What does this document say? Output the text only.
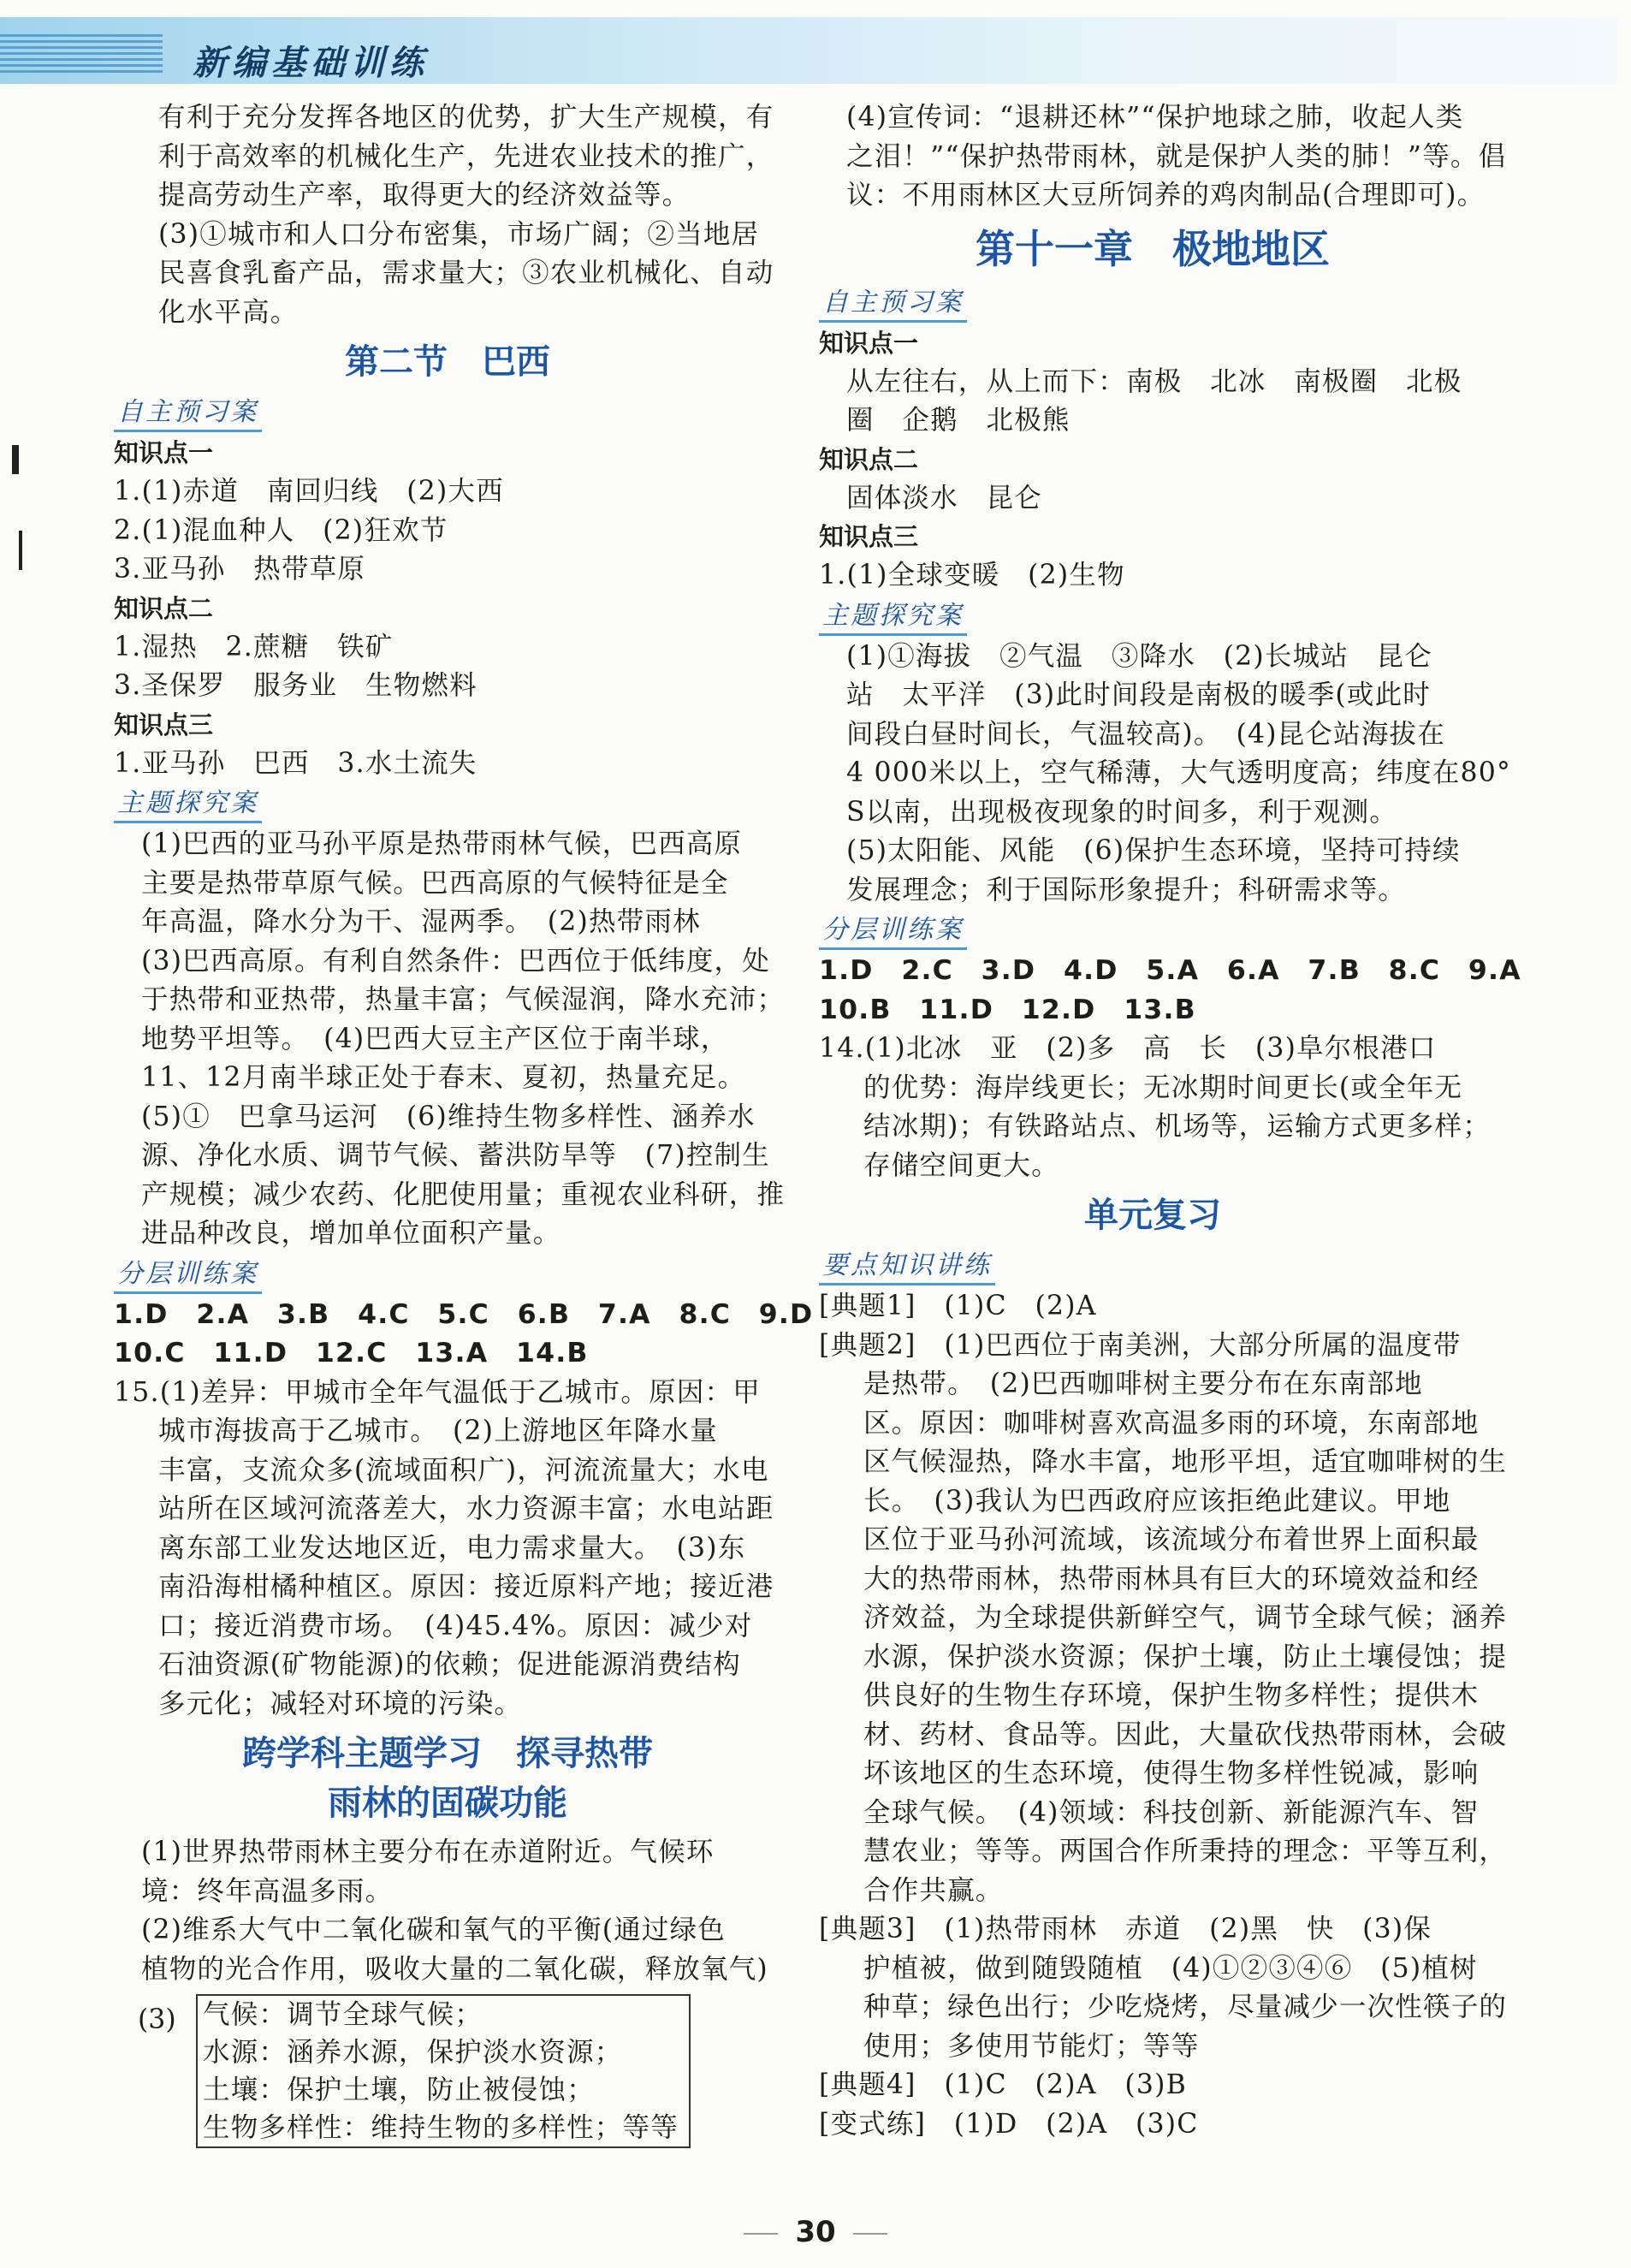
新编基础训练
有利于充分发挥各地区的优势，扩大生产规模，有
利于高效率的机械化生产，先进农业技术的推广，
提高劳动生产率，取得更大的经济效益等。
(3)①城市和人口分布密集，市场广阔；②当地居
民喜食乳畜产品，需求量大；③农业机械化、自动
化水平高。
第二节　巴西
自主预习案
知识点一
1.(1)赤道　南回归线　(2)大西
2.(1)混血种人　(2)狂欢节
3.亚马孙　热带草原
知识点二
1.湿热　2.蔗糖　铁矿
3.圣保罗　服务业　生物燃料
知识点三
1.亚马孙　巴西　3.水土流失
主题探究案
(1)巴西的亚马孙平原是热带雨林气候，巴西高原
主要是热带草原气候。巴西高原的气候特征是全
年高温，降水分为干、湿两季。　(2)热带雨林
(3)巴西高原。有利自然条件：巴西位于低纬度，处
于热带和亚热带，热量丰富；气候湿润，降水充沛；
地势平坦等。　(4)巴西大豆主产区位于南半球，
11、12月南半球正处于春末、夏初，热量充足。
(5)①　巴拿马运河　(6)维持生物多样性、涵养水
源、净化水质、调节气候、蓄洪防旱等　(7)控制生
产规模；减少农药、化肥使用量；重视农业科研，推
进品种改良，增加单位面积产量。
分层训练案
1.D　2.A　3.B　4.C　5.C　6.B　7.A　8.C　9.D
10.C　11.D　12.C　13.A　14.B
15.(1)差异：甲城市全年气温低于乙城市。原因：甲
城市海拔高于乙城市。　(2)上游地区年降水量
丰富，支流众多(流域面积广)，河流流量大；水电
站所在区域河流落差大，水力资源丰富；水电站距
离东部工业发达地区近，电力需求量大。　(3)东
南沿海柑橘种植区。原因：接近原料产地；接近港
口；接近消费市场。　(4)45.4%。原因：减少对
石油资源(矿物能源)的依赖；促进能源消费结构
多元化；减轻对环境的污染。
跨学科主题学习　探寻热带
雨林的固碳功能
(1)世界热带雨林主要分布在赤道附近。气候环
境：终年高温多雨。
(2)维系大气中二氧化碳和氧气的平衡(通过绿色
植物的光合作用，吸收大量的二氧化碳，释放氧气)
(3) 气候：调节全球气候；
水源：涵养水源，保护淡水资源；
土壤：保护土壤，防止被侵蚀；
生物多样性：维持生物的多样性；等等
(4)宣传词：“退耕还林”“保护地球之肺，收起人类
之泪！”“保护热带雨林，就是保护人类的肺！”等。倡
议：不用雨林区大豆所饲养的鸡肉制品(合理即可)。
第十一章　极地地区
自主预习案
知识点一
从左往右，从上而下：南极　北冰　南极圈　北极
圈　企鹅　北极熊
知识点二
固体淡水　昆仑
知识点三
1.(1)全球变暖　(2)生物
主题探究案
(1)①海拔　②气温　③降水　(2)长城站　昆仑
站　太平洋　(3)此时间段是南极的暖季(或此时
间段白昼时间长，气温较高)。　(4)昆仑站海拔在
4 000米以上，空气稀薄，大气透明度高；纬度在80°
S以南，出现极夜现象的时间多，利于观测。
(5)太阳能、风能　(6)保护生态环境，坚持可持续
发展理念；利于国际形象提升；科研需求等。
分层训练案
1.D　2.C　3.D　4.D　5.A　6.A　7.B　8.C　9.A
10.B　11.D　12.D　13.B
14.(1)北冰　亚　(2)多　高　长　(3)阜尔根港口
的优势：海岸线更长；无冰期时间更长(或全年无
结冰期)；有铁路站点、机场等，运输方式更多样；
存储空间更大。
单元复习
要点知识讲练
[典题1]　(1)C　(2)A
[典题2]　(1)巴西位于南美洲，大部分所属的温度带
是热带。　(2)巴西咖啡树主要分布在东南部地
区。原因：咖啡树喜欢高温多雨的环境，东南部地
区气候湿热，降水丰富，地形平坦，适宜咖啡树的生
长。　(3)我认为巴西政府应该拒绝此建议。甲地
区位于亚马孙河流域，该流域分布着世界上面积最
大的热带雨林，热带雨林具有巨大的环境效益和经
济效益，为全球提供新鲜空气，调节全球气候；涵养
水源，保护淡水资源；保护土壤，防止土壤侵蚀；提
供良好的生物生存环境，保护生物多样性；提供木
材、药材、食品等。因此，大量砍伐热带雨林，会破
坏该地区的生态环境，使得生物多样性锐减，影响
全球气候。　(4)领域：科技创新、新能源汽车、智
慧农业；等等。两国合作所秉持的理念：平等互利，
合作共赢。
[典题3]　(1)热带雨林　赤道　(2)黑　快　(3)保
护植被，做到随毁随植　(4)①②③④⑥　(5)植树
种草；绿色出行；少吃烧烤，尽量减少一次性筷子的
使用；多使用节能灯；等等
[典题4]　(1)C　(2)A　(3)B
[变式练]　(1)D　(2)A　(3)C
30
